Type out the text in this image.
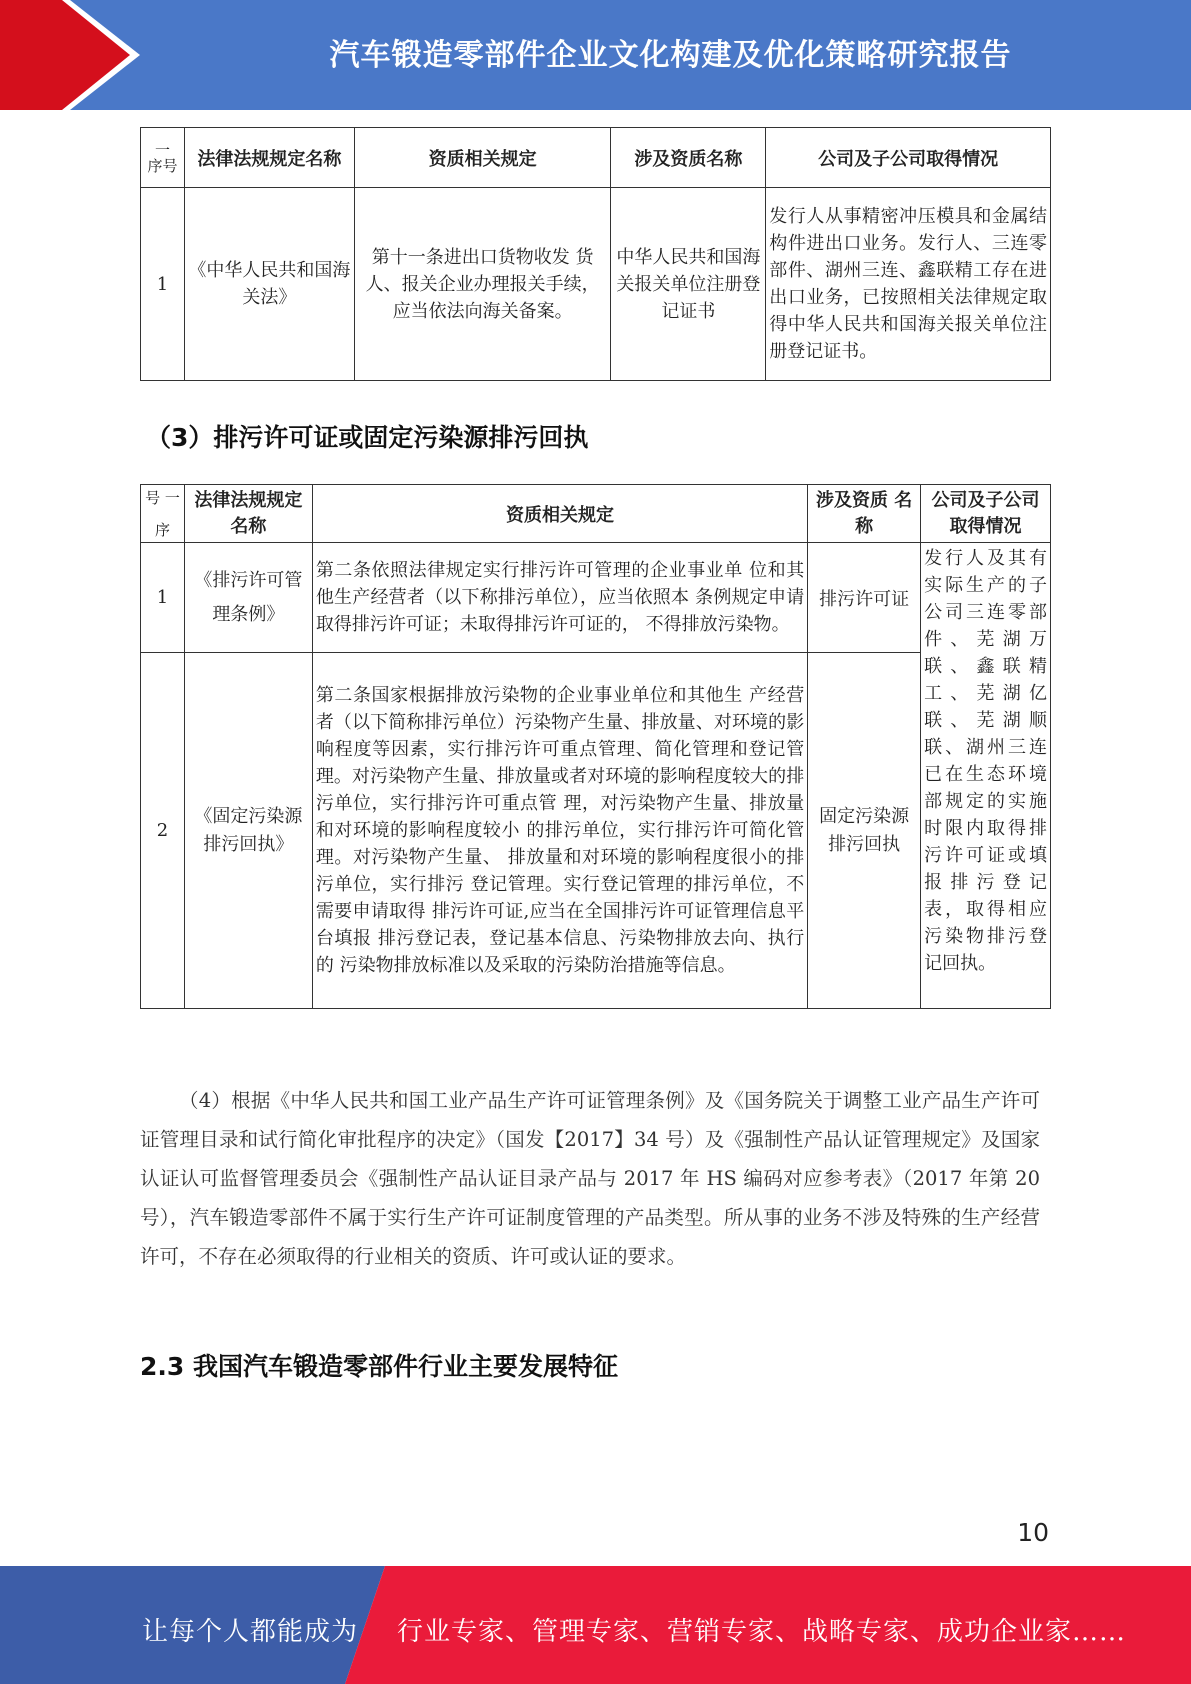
汽车锻造零部件企业文化构建及优化策略研究报告
一
序号	法律法规规定名称	资质相关规定	涉及资质名称	公司及子公司取得情况
1	《中华人民共和国海关法》	第十一条进出口货物收发 货人、报关企业办理报关手续，应当依法向海关备案。	中华人民共和国海关报关单位注册登记证书	发行人从事精密冲压模具和金属结构件进出口业务。发行人、三连零部件、湖州三连、鑫联精工存在进出口业务，已按照相关法律规定取得中华人民共和国海关报关单位注册登记证书。
（3）排污许可证或固定污染源排污回执
号 一

序	法律法规规定名称	资质相关规定	涉及资质 名称	公司及子公司取得情况
1	《排污许可管理条例》	第二条依照法律规定实行排污许可管理的企业事业单 位和其他生产经营者（以下称排污单位），应当依照本 条例规定申请取得排污许可证；未取得排污许可证的， 不得排放污染物。	排污许可证	发行人及其有实际生产的子公司三连零部件、芜湖万联、鑫联精工、芜湖亿联、芜湖顺联、湖州三连已在生态环境部规定的实施时限内取得排污许可证或填报排污登记表，取得相应污染物排污登记回执。
2	《固定污染源排污回执》	第二条国家根据排放污染物的企业事业单位和其他生 产经营者（以下简称排污单位）污染物产生量、排放量、对环境的影响程度等因素，实行排污许可重点管理、简化管理和登记管理。对污染物产生量、排放量或者对环境的影响程度较大的排污单位，实行排污许可重点管 理，对污染物产生量、排放量和对环境的影响程度较小 的排污单位，实行排污许可简化管理。对污染物产生量、 排放量和对环境的影响程度很小的排污单位，实行排污 登记管理。实行登记管理的排污单位，不需要申请取得 排污许可证,应当在全国排污许可证管理信息平台填报 排污登记表，登记基本信息、污染物排放去向、执行的 污染物排放标准以及采取的污染防治措施等信息。	固定污染源排污回执	
（4）根据《中华人民共和国工业产品生产许可证管理条例》及《国务院关于调整工业产品生产许可证管理目录和试行简化审批程序的决定》（国发【2017】34 号）及《强制性产品认证管理规定》及国家认证认可监督管理委员会《强制性产品认证目录产品与 2017 年 HS 编码对应参考表》（2017 年第 20 号），汽车锻造零部件不属于实行生产许可证制度管理的产品类型。所从事的业务不涉及特殊的生产经营许可，不存在必须取得的行业相关的资质、许可或认证的要求。
2.3 我国汽车锻造零部件行业主要发展特征
10
让每个人都能成为 行业专家、管理专家、营销专家、战略专家、成功企业家……
